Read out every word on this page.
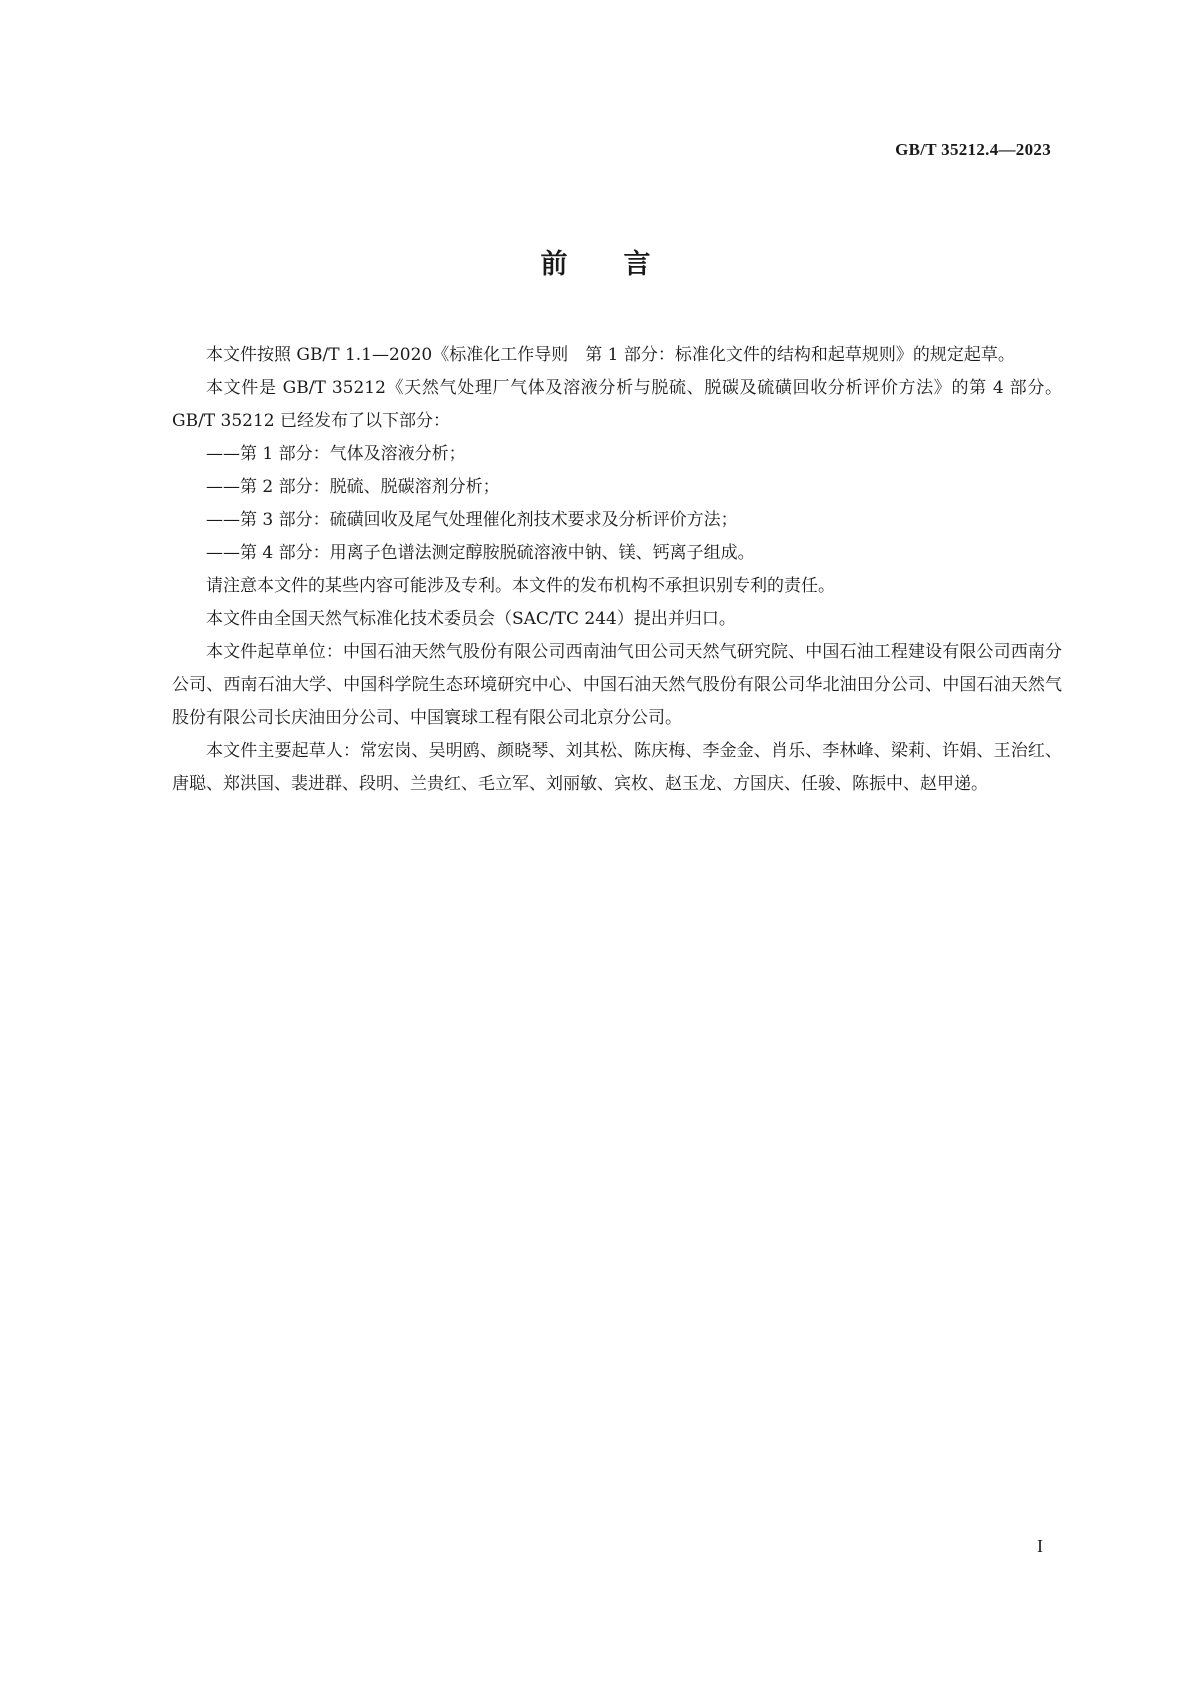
GB/T 35212.4—2023
前言

本文件按照 GB/T 1.1—2020《标准化工作导则　第 1 部分：标准化文件的结构和起草规则》的规定起草。

本文件是 GB/T 35212《天然气处理厂气体及溶液分析与脱硫、脱碳及硫磺回收分析评价方法》的第 4 部分。GB/T 35212 已经发布了以下部分：

——第 1 部分：气体及溶液分析；

——第 2 部分：脱硫、脱碳溶剂分析；

——第 3 部分：硫磺回收及尾气处理催化剂技术要求及分析评价方法；

——第 4 部分：用离子色谱法测定醇胺脱硫溶液中钠、镁、钙离子组成。

请注意本文件的某些内容可能涉及专利。本文件的发布机构不承担识别专利的责任。

本文件由全国天然气标准化技术委员会（SAC/TC 244）提出并归口。

本文件起草单位：中国石油天然气股份有限公司西南油气田公司天然气研究院、中国石油工程建设有限公司西南分公司、西南石油大学、中国科学院生态环境研究中心、中国石油天然气股份有限公司华北油田分公司、中国石油天然气股份有限公司长庆油田分公司、中国寰球工程有限公司北京分公司。

本文件主要起草人：常宏岗、吴明鸥、颜晓琴、刘其松、陈庆梅、李金金、肖乐、李林峰、梁莉、许娟、王治红、唐聪、郑洪国、裴进群、段明、兰贵红、毛立军、刘丽敏、宾枚、赵玉龙、方国庆、任骏、陈振中、赵甲递。

I
